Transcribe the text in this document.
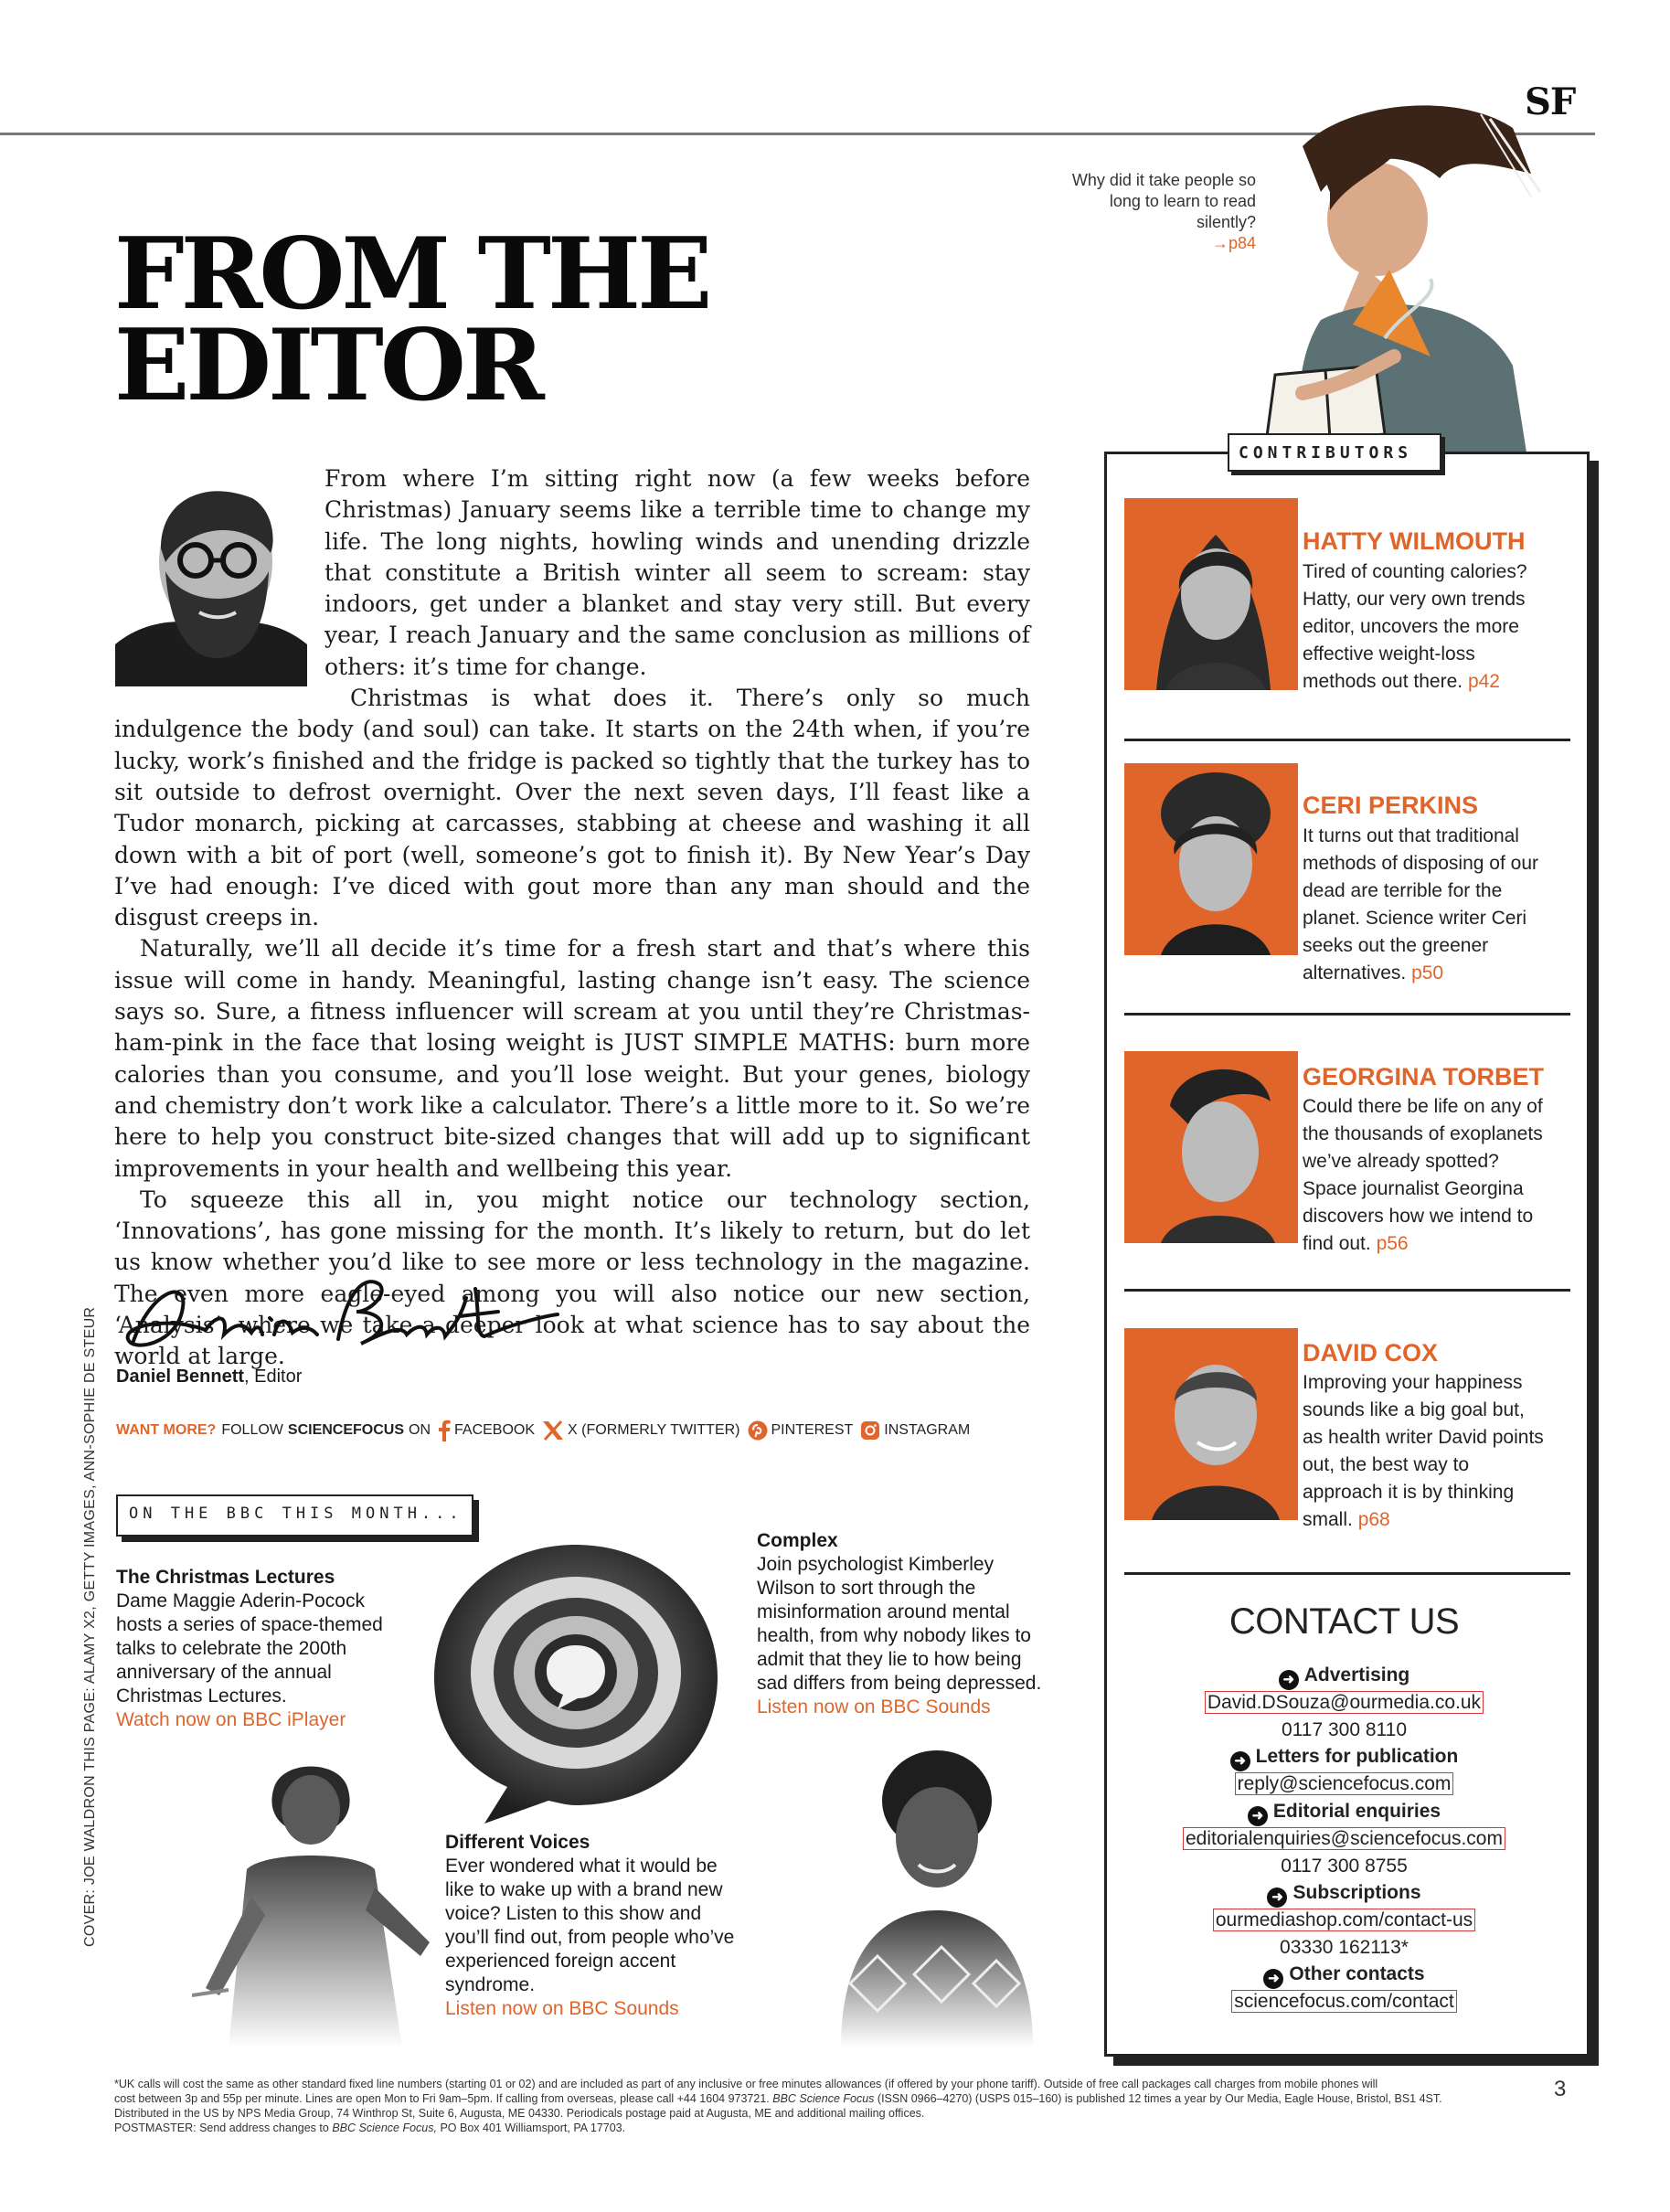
SF
Why did it take people so long to learn to read silently?
→p84
FROM THE
EDITOR

From where I’m sitting right now (a few weeks before Christmas) January seems like a terrible time to change my life. The long nights, howling winds and unending drizzle that constitute a British winter all seem to scream: stay indoors, get under a blanket and stay very still. But every year, I reach January and the same conclusion as millions of others: it’s time for change.

Christmas is what does it. There’s only so much indulgence the body (and soul) can take. It starts on the 24th when, if you’re lucky, work’s finished and the fridge is packed so tightly that the turkey has to sit outside to defrost overnight. Over the next seven days, I’ll feast like a Tudor monarch, picking at carcasses, stabbing at cheese and washing it all down with a bit of port (well, someone’s got to finish it). By New Year’s Day I’ve had enough: I’ve diced with gout more than any man should and the disgust creeps in.

Naturally, we’ll all decide it’s time for a fresh start and that’s where this issue will come in handy. Meaningful, lasting change isn’t easy. The science says so. Sure, a fitness influencer will scream at you until they’re Christmas-ham-pink in the face that losing weight is JUST SIMPLE MATHS: burn more calories than you consume, and you’ll lose weight. But your genes, biology and chemistry don’t work like a calculator. There’s a little more to it. So we’re here to help you construct bite-sized changes that will add up to significant improvements in your health and wellbeing this year.

To squeeze this all in, you might notice our technology section, ‘Innovations’, has gone missing for the month. It’s likely to return, but do let us know whether you’d like to see more or less technology in the magazine. The even more eagle-eyed among you will also notice our new section, ‘Analysis’, where we take a deeper look at what science has to say about the world at large.

Daniel Bennett, Editor
WANT MORE? FOLLOW SCIENCEFOCUS ON FACEBOOK X (FORMERLY TWITTER) PINTEREST INSTAGRAM
ON THE BBC THIS MONTH...
The Christmas Lectures
Dame Maggie Aderin-Pocock hosts a series of space-themed talks to celebrate the 200th anniversary of the annual Christmas Lectures.
Watch now on BBC iPlayer
Complex
Join psychologist Kimberley Wilson to sort through the misinformation around mental health, from why nobody likes to admit that they lie to how being sad differs from being depressed.
Listen now on BBC Sounds
Different Voices
Ever wondered what it would be like to wake up with a brand new voice? Listen to this show and you’ll find out, from people who’ve experienced foreign accent syndrome.
Listen now on BBC Sounds
COVER: JOE WALDRON THIS PAGE: ALAMY X2, GETTY IMAGES, ANN-SOPHIE DE STEUR
CONTRIBUTORS
HATTY WILMOUTH
Tired of counting calories? Hatty, our very own trends editor, uncovers the more effective weight-loss methods out there. p42
CERI PERKINS
It turns out that traditional methods of disposing of our dead are terrible for the planet. Science writer Ceri seeks out the greener alternatives. p50
GEORGINA TORBET
Could there be life on any of the thousands of exoplanets we’ve already spotted? Space journalist Georgina discovers how we intend to find out. p56
DAVID COX
Improving your happiness sounds like a big goal but, as health writer David points out, the best way to approach it is by thinking small. p68
CONTACT US
➜ Advertising
David.DSouza@ourmedia.co.uk
0117 300 8110
➜ Letters for publication
reply@sciencefocus.com
➜ Editorial enquiries
editorialenquiries@sciencefocus.com
0117 300 8755
➜ Subscriptions
ourmediashop.com/contact-us
03330 162113*
➜ Other contacts
sciencefocus.com/contact

*UK calls will cost the same as other standard fixed line numbers (starting 01 or 02) and are included as part of any inclusive or free minutes allowances (if offered by your phone tariff). Outside of free call packages call charges from mobile phones will

cost between 3p and 55p per minute. Lines are open Mon to Fri 9am–5pm. If calling from overseas, please call +44 1604 973721. BBC Science Focus (ISSN 0966–4270) (USPS 015–160) is published 12 times a year by Our Media, Eagle House, Bristol, BS1 4ST.

Distributed in the US by NPS Media Group, 74 Winthrop St, Suite 6, Augusta, ME 04330. Periodicals postage paid at Augusta, ME and additional mailing offices.

POSTMASTER: Send address changes to BBC Science Focus, PO Box 401 Williamsport, PA 17703.

3
